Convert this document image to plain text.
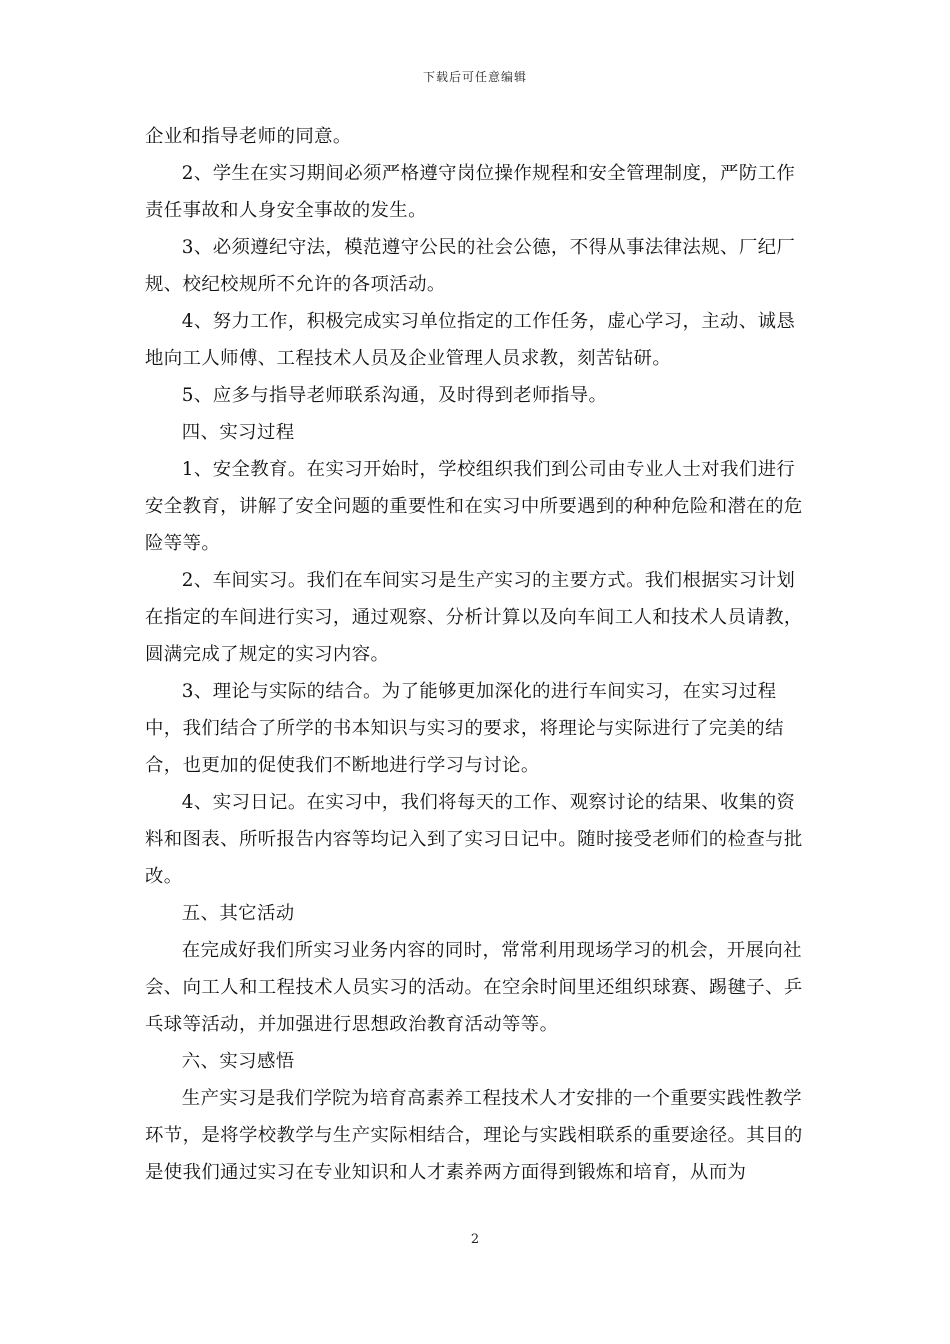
下载后可任意编辑

企业和指导老师的同意。

2、学生在实习期间必须严格遵守岗位操作规程和安全管理制度，严防工作责任事故和人身安全事故的发生。

3、必须遵纪守法，模范遵守公民的社会公德，不得从事法律法规、厂纪厂规、校纪校规所不允许的各项活动。

4、努力工作，积极完成实习单位指定的工作任务，虚心学习，主动、诚恳地向工人师傅、工程技术人员及企业管理人员求教，刻苦钻研。

5、应多与指导老师联系沟通，及时得到老师指导。

四、实习过程

1、安全教育。在实习开始时，学校组织我们到公司由专业人士对我们进行安全教育，讲解了安全问题的重要性和在实习中所要遇到的种种危险和潜在的危险等等。

2、车间实习。我们在车间实习是生产实习的主要方式。我们根据实习计划在指定的车间进行实习，通过观察、分析计算以及向车间工人和技术人员请教，圆满完成了规定的实习内容。

3、理论与实际的结合。为了能够更加深化的进行车间实习，在实习过程中，我们结合了所学的书本知识与实习的要求，将理论与实际进行了完美的结合，也更加的促使我们不断地进行学习与讨论。

4、实习日记。在实习中，我们将每天的工作、观察讨论的结果、收集的资料和图表、所听报告内容等均记入到了实习日记中。随时接受老师们的检查与批改。

五、其它活动

在完成好我们所实习业务内容的同时，常常利用现场学习的机会，开展向社会、向工人和工程技术人员实习的活动。在空余时间里还组织球赛、踢毽子、乒乓球等活动，并加强进行思想政治教育活动等等。

六、实习感悟

生产实习是我们学院为培育高素养工程技术人才安排的一个重要实践性教学环节，是将学校教学与生产实际相结合，理论与实践相联系的重要途径。其目的是使我们通过实习在专业知识和人才素养两方面得到锻炼和培育，从而为

2
